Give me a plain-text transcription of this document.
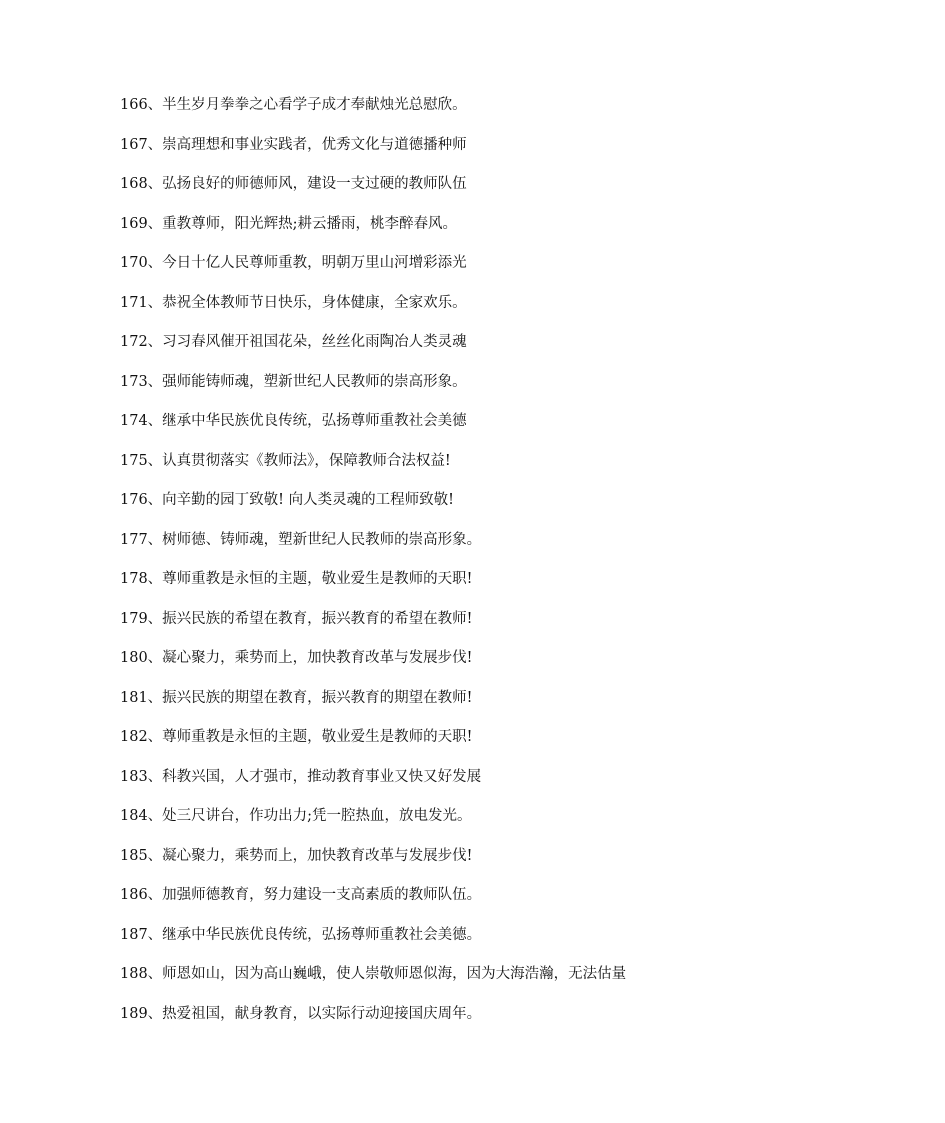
166、半生岁月拳拳之心看学子成才奉献烛光总慰欣。
167、崇高理想和事业实践者，优秀文化与道德播种师
168、弘扬良好的师德师风，建设一支过硬的教师队伍
169、重教尊师，阳光辉热;耕云播雨，桃李醉春风。
170、今日十亿人民尊师重教，明朝万里山河增彩添光
171、恭祝全体教师节日快乐，身体健康，全家欢乐。
172、习习春风催开祖国花朵，丝丝化雨陶冶人类灵魂
173、强师能铸师魂，塑新世纪人民教师的崇高形象。
174、继承中华民族优良传统，弘扬尊师重教社会美德
175、认真贯彻落实《教师法》，保障教师合法权益!
176、向辛勤的园丁致敬! 向人类灵魂的工程师致敬!
177、树师德、铸师魂，塑新世纪人民教师的崇高形象。
178、尊师重教是永恒的主题，敬业爱生是教师的天职!
179、振兴民族的希望在教育，振兴教育的希望在教师!
180、凝心聚力，乘势而上，加快教育改革与发展步伐!
181、振兴民族的期望在教育，振兴教育的期望在教师!
182、尊师重教是永恒的主题，敬业爱生是教师的天职!
183、科教兴国，人才强市，推动教育事业又快又好发展
184、处三尺讲台，作功出力;凭一腔热血，放电发光。
185、凝心聚力，乘势而上，加快教育改革与发展步伐!
186、加强师德教育，努力建设一支高素质的教师队伍。
187、继承中华民族优良传统，弘扬尊师重教社会美德。
188、师恩如山，因为高山巍峨，使人崇敬师恩似海，因为大海浩瀚，无法估量
189、热爱祖国，献身教育，以实际行动迎接国庆周年。
